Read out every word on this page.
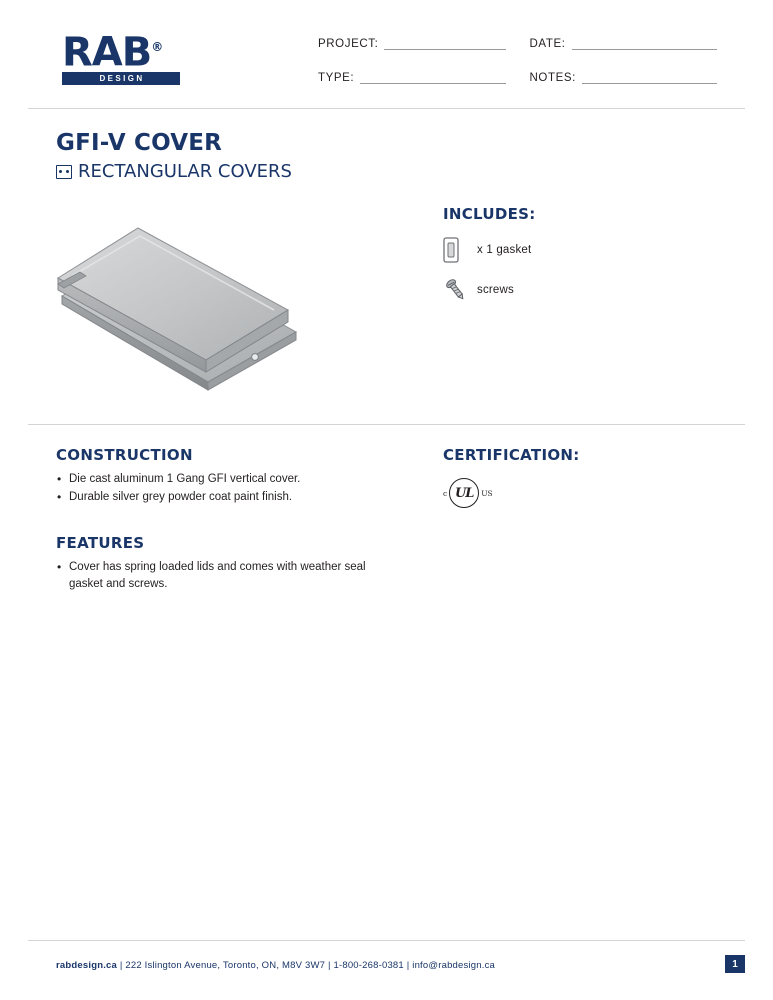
RAB®
DESIGN
PROJECT:
TYPE:
DATE:
NOTES:
GFI-V COVER
RECTANGULAR COVERS
INCLUDES:
x 1 gasket
screws
CONSTRUCTION
• Die cast aluminum 1 Gang GFI vertical cover.
• Durable silver grey powder coat paint finish.
FEATURES
• Cover has spring loaded lids and comes with weather seal gasket and screws.
CERTIFICATION:
c UL	US
rabdesign.ca | 222 Islington Avenue, Toronto, ON, M8V 3W7 | 1-800-268-0381 | info@rabdesign.ca	1
